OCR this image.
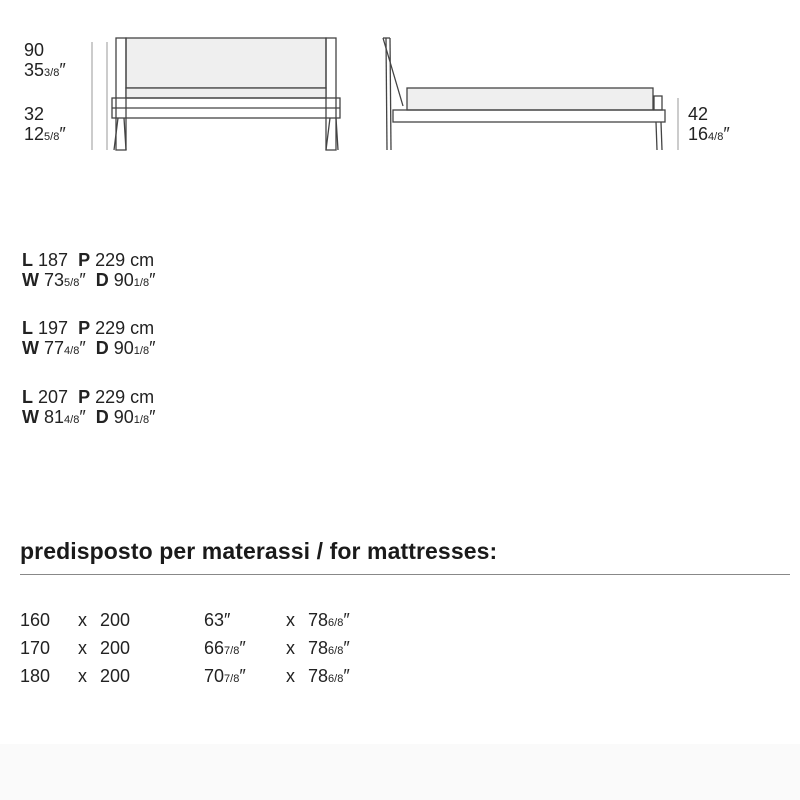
90
353/8″
32
125/8″
42
164/8″
L 187 P 229 cm
W 735/8″ D 901/8″
L 197 P 229 cm
W 774/8″ D 901/8″
L 207 P 229 cm
W 814/8″ D 901/8″
predisposto per materassi / for mattresses:
160 x 200	63″	x 786/8″
170 x 200	667/8″ x 786/8″
180 x 200	707/8″ x 786/8″
